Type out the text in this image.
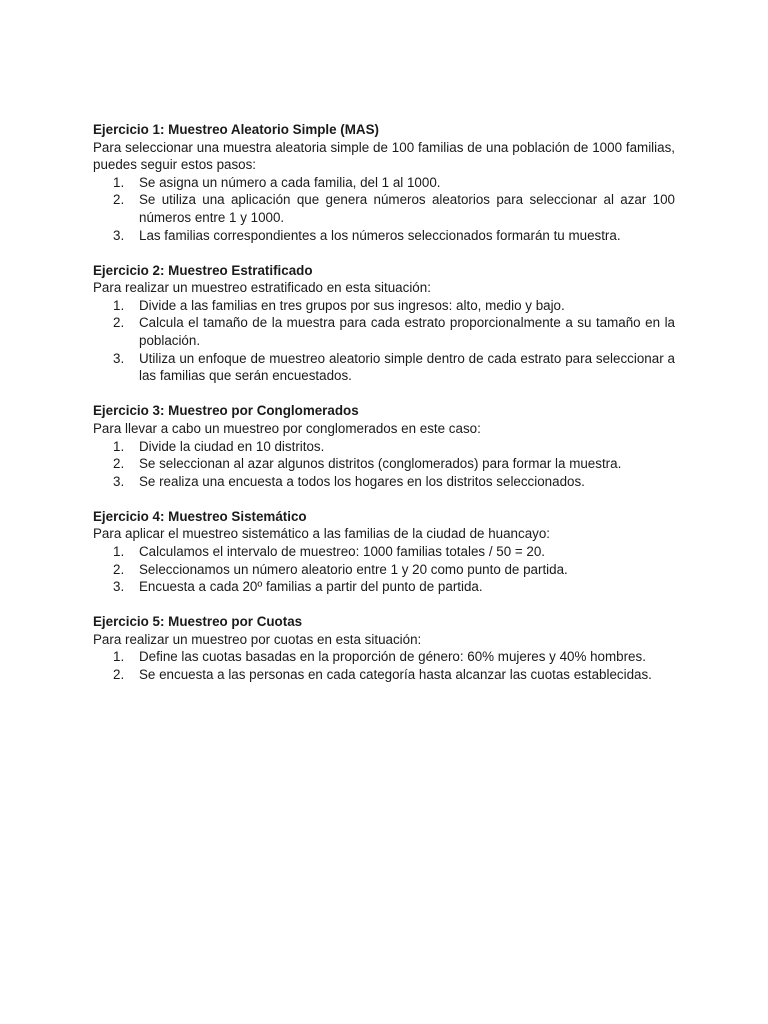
Ejercicio 1: Muestreo Aleatorio Simple (MAS)

Para seleccionar una muestra aleatoria simple de 100 familias de una población de 1000 familias, puedes seguir estos pasos:

1. Se asigna un número a cada familia, del 1 al 1000.
2. Se utiliza una aplicación que genera números aleatorios para seleccionar al azar 100 números entre 1 y 1000.
3. Las familias correspondientes a los números seleccionados formarán tu muestra.

Ejercicio 2: Muestreo Estratificado

Para realizar un muestreo estratificado en esta situación:

1. Divide a las familias en tres grupos por sus ingresos: alto, medio y bajo.
2. Calcula el tamaño de la muestra para cada estrato proporcionalmente a su tamaño en la población.
3. Utiliza un enfoque de muestreo aleatorio simple dentro de cada estrato para seleccionar a las familias que serán encuestados.

Ejercicio 3: Muestreo por Conglomerados

Para llevar a cabo un muestreo por conglomerados en este caso:

1. Divide la ciudad en 10 distritos.
2. Se seleccionan al azar algunos distritos (conglomerados) para formar la muestra.
3. Se realiza una encuesta a todos los hogares en los distritos seleccionados.

Ejercicio 4: Muestreo Sistemático

Para aplicar el muestreo sistemático a las familias de la ciudad de huancayo:

1. Calculamos el intervalo de muestreo: 1000 familias totales / 50 = 20.
2. Seleccionamos un número aleatorio entre 1 y 20 como punto de partida.
3. Encuesta a cada 20º familias a partir del punto de partida.

Ejercicio 5: Muestreo por Cuotas

Para realizar un muestreo por cuotas en esta situación:

1. Define las cuotas basadas en la proporción de género: 60% mujeres y 40% hombres.
2. Se encuesta a las personas en cada categoría hasta alcanzar las cuotas establecidas.
